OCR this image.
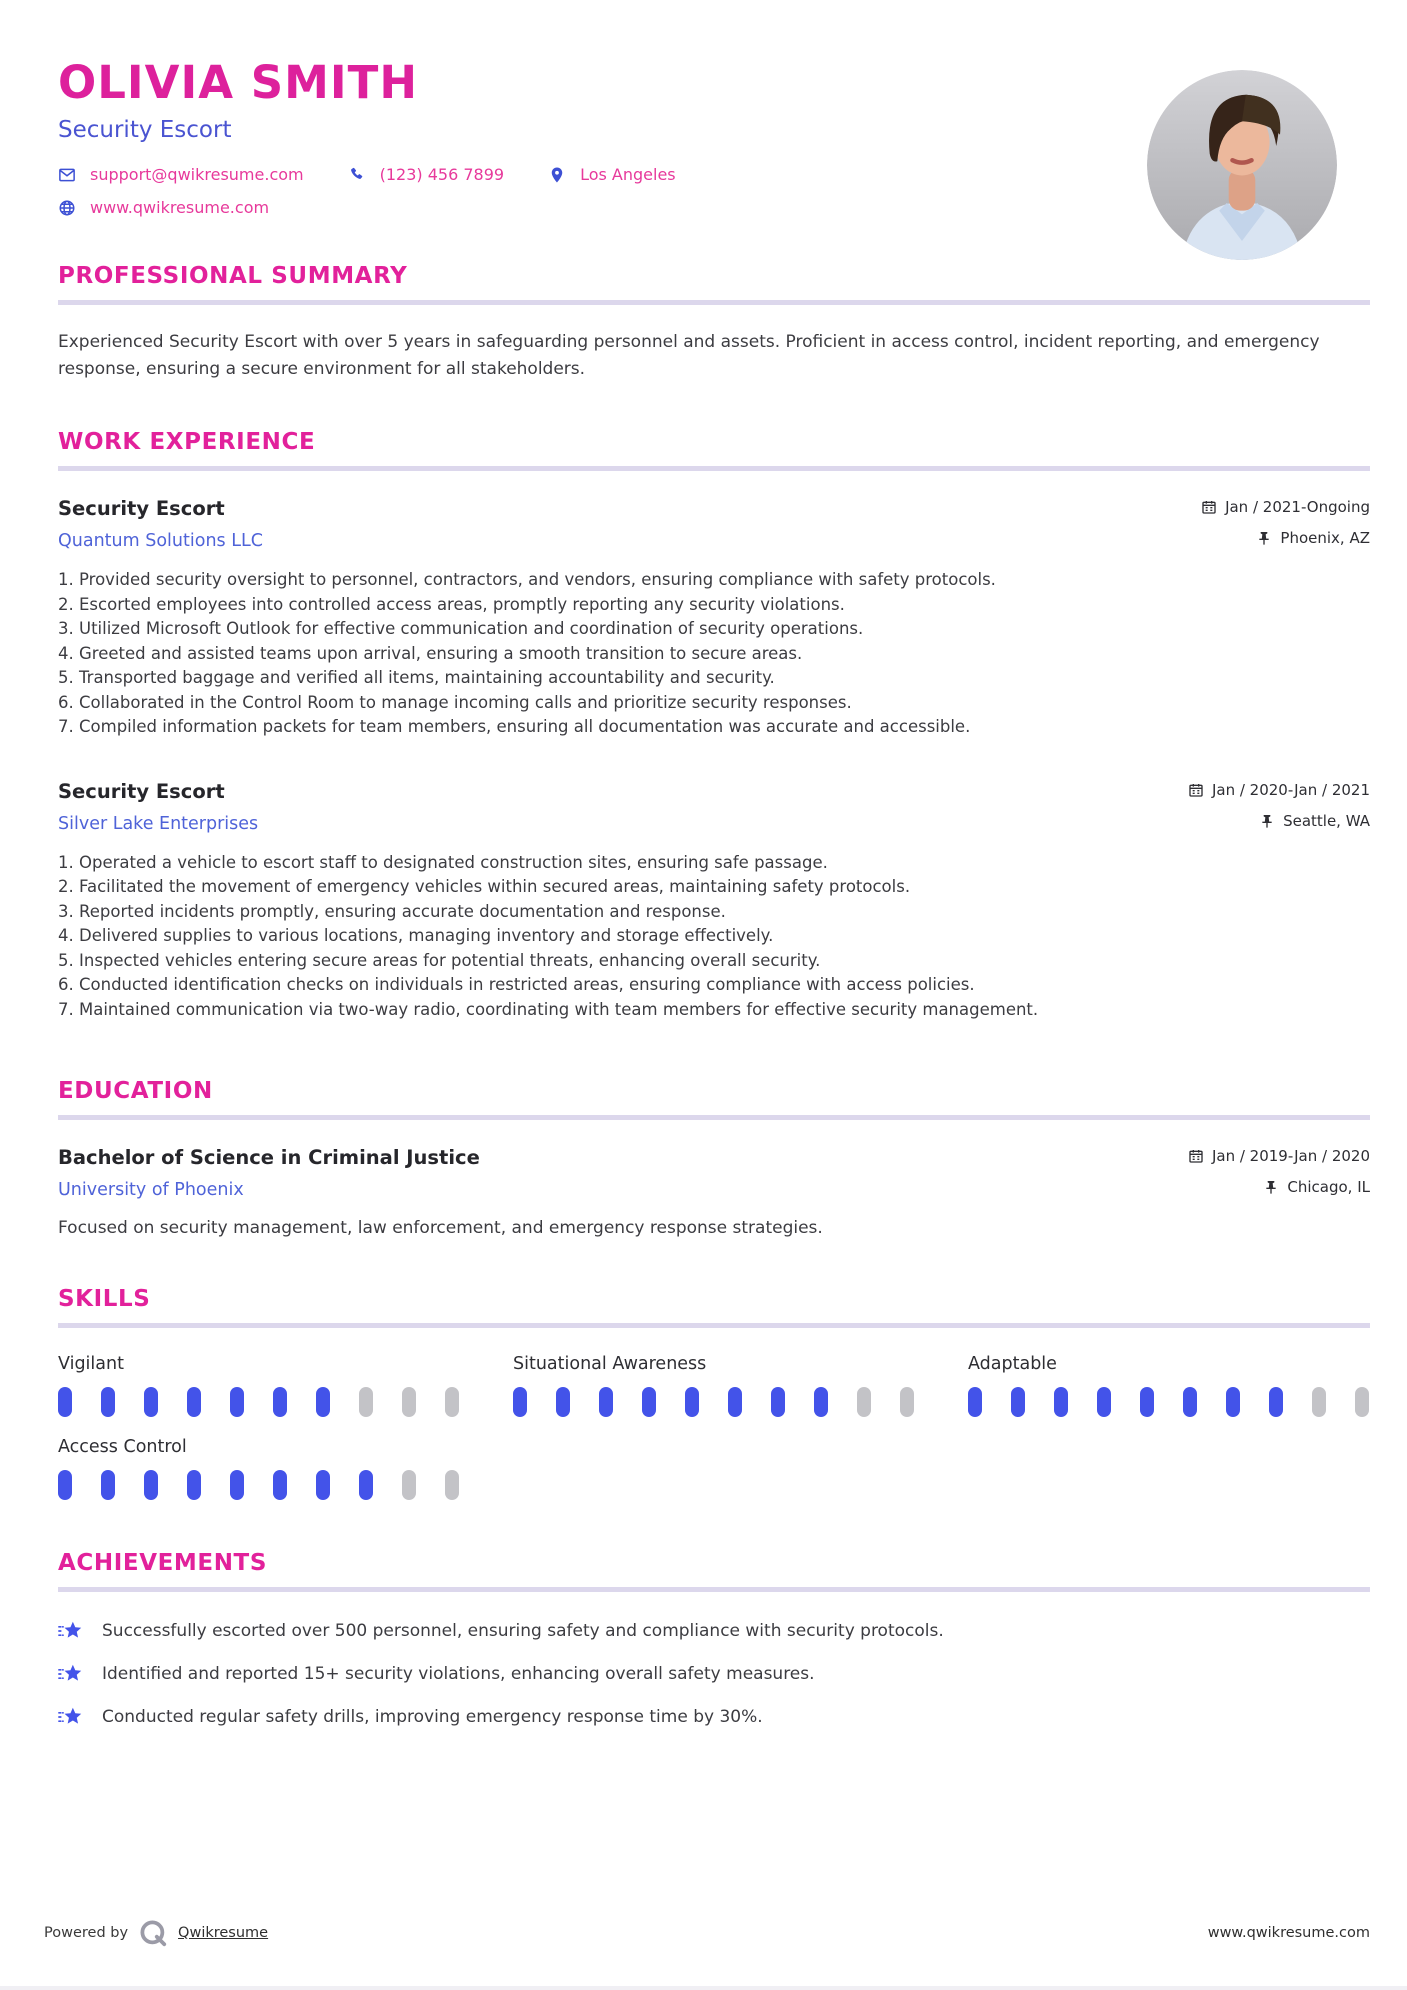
OLIVIA SMITH
Security Escort
support@qwikresume.com	(123) 456 7899	Los Angeles
www.qwikresume.com
PROFESSIONAL SUMMARY

Experienced Security Escort with over 5 years in safeguarding personnel and assets. Proficient in access control, incident reporting, and emergency response, ensuring a secure environment for all stakeholders.

WORK EXPERIENCE
Security Escort	Jan / 2021-Ongoing
Quantum Solutions LLC	Phoenix, AZ
1. Provided security oversight to personnel, contractors, and vendors, ensuring compliance with safety protocols.
2. Escorted employees into controlled access areas, promptly reporting any security violations.
3. Utilized Microsoft Outlook for effective communication and coordination of security operations.
4. Greeted and assisted teams upon arrival, ensuring a smooth transition to secure areas.
5. Transported baggage and verified all items, maintaining accountability and security.
6. Collaborated in the Control Room to manage incoming calls and prioritize security responses.
7. Compiled information packets for team members, ensuring all documentation was accurate and accessible.
Security Escort	Jan / 2020-Jan / 2021
Silver Lake Enterprises	Seattle, WA
1. Operated a vehicle to escort staff to designated construction sites, ensuring safe passage.
2. Facilitated the movement of emergency vehicles within secured areas, maintaining safety protocols.
3. Reported incidents promptly, ensuring accurate documentation and response.
4. Delivered supplies to various locations, managing inventory and storage effectively.
5. Inspected vehicles entering secure areas for potential threats, enhancing overall security.
6. Conducted identification checks on individuals in restricted areas, ensuring compliance with access policies.
7. Maintained communication via two-way radio, coordinating with team members for effective security management.
EDUCATION
Bachelor of Science in Criminal Justice	Jan / 2019-Jan / 2020
University of Phoenix	Chicago, IL

Focused on security management, law enforcement, and emergency response strategies.

SKILLS
Vigilant	Situational Awareness	Adaptable
Access Control
ACHIEVEMENTS
Successfully escorted over 500 personnel, ensuring safety and compliance with security protocols.
Identified and reported 15+ security violations, enhancing overall safety measures.
Conducted regular safety drills, improving emergency response time by 30%.
Powered by	Qwikresume	www.qwikresume.com
